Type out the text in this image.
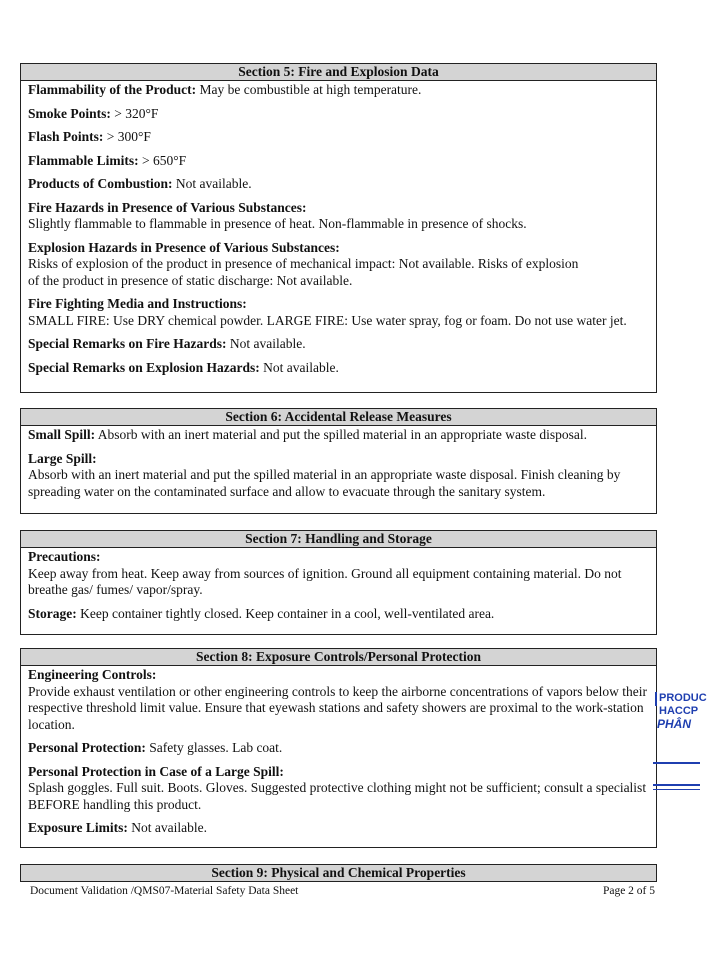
Section 5: Fire and Explosion Data
Flammability of the Product: May be combustible at high temperature.
Smoke Points: > 320°F
Flash Points: > 300°F
Flammable Limits: > 650°F
Products of Combustion: Not available.
Fire Hazards in Presence of Various Substances:
Slightly flammable to flammable in presence of heat. Non-flammable in presence of shocks.
Explosion Hazards in Presence of Various Substances:
Risks of explosion of the product in presence of mechanical impact: Not available. Risks of explosion
of the product in presence of static discharge: Not available.
Fire Fighting Media and Instructions:
SMALL FIRE: Use DRY chemical powder. LARGE FIRE: Use water spray, fog or foam. Do not use water jet.
Special Remarks on Fire Hazards: Not available.
Special Remarks on Explosion Hazards: Not available.
Section 6: Accidental Release Measures
Small Spill: Absorb with an inert material and put the spilled material in an appropriate waste disposal.
Large Spill:
Absorb with an inert material and put the spilled material in an appropriate waste disposal. Finish cleaning by spreading water on the contaminated surface and allow to evacuate through the sanitary system.
Section 7: Handling and Storage
Precautions:
Keep away from heat. Keep away from sources of ignition. Ground all equipment containing material. Do not breathe gas/ fumes/ vapor/spray.
Storage: Keep container tightly closed. Keep container in a cool, well-ventilated area.
Section 8: Exposure Controls/Personal Protection
Engineering Controls:
Provide exhaust ventilation or other engineering controls to keep the airborne concentrations of vapors below their respective threshold limit value. Ensure that eyewash stations and safety showers are proximal to the work-station location.
Personal Protection: Safety glasses. Lab coat.
Personal Protection in Case of a Large Spill:
Splash goggles. Full suit. Boots. Gloves. Suggested protective clothing might not be sufficient; consult a specialist BEFORE handling this product.
Exposure Limits: Not available.
Section 9: Physical and Chemical Properties
Document Validation /QMS07-Material Safety Data Sheet	Page 2 of 5
PRODUC
HACCP
PHÂN
